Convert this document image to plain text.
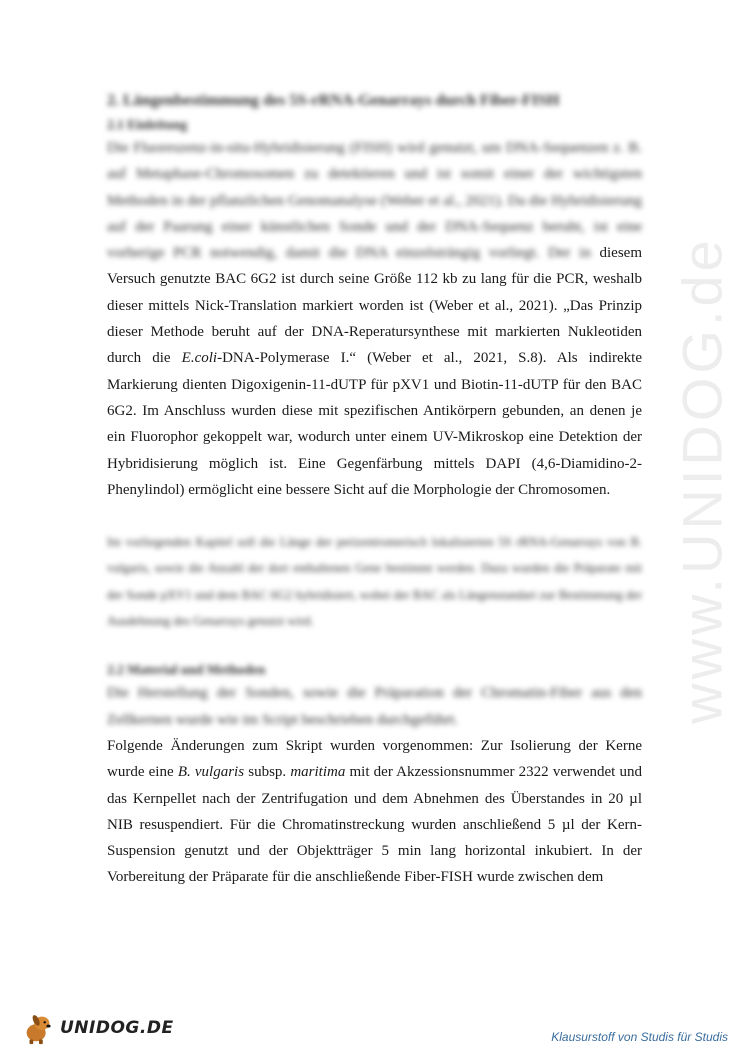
www.UNIDOG.de
2. Längenbestimmung des 5S-rRNA-Genarrays durch Fiber-FISH
2.1 Einleitung

Die Fluoreszenz-in-situ-Hybridisierung (FISH) wird genutzt, um DNA-Sequenzen z. B. auf Metaphase-Chromosomen zu detektieren und ist somit einer der wichtigsten Methoden in der pflanzlichen Genomanalyse (Weber et al., 2021). Da die Hybridisierung auf der Paarung einer künstlichen Sonde und der DNA-Sequenz beruht, ist eine vorherige PCR notwendig, damit die DNA einzelsträngig vorliegt. Der in diesem Versuch genutzte BAC 6G2 ist durch seine Größe 112 kb zu lang für die PCR, weshalb dieser mittels Nick-Translation markiert worden ist (Weber et al., 2021). „Das Prinzip dieser Methode beruht auf der DNA-Reperatursynthese mit markierten Nukleotiden durch die E.coli-DNA-Polymerase I.“ (Weber et al., 2021, S.8). Als indirekte Markierung dienten Digoxigenin-11-dUTP für pXV1 und Biotin-11-dUTP für den BAC 6G2. Im Anschluss wurden diese mit spezifischen Antikörpern gebunden, an denen je ein Fluorophor gekoppelt war, wodurch unter einem UV-Mikroskop eine Detektion der Hybridisierung möglich ist. Eine Gegenfärbung mittels DAPI (4,6-Diamidino-2-Phenylindol) ermöglicht eine bessere Sicht auf die Morphologie der Chromosomen.

Im vorliegenden Kapitel soll die Länge der perizentromerisch lokalisierten 5S rRNA-Genarrays von B. vulgaris, sowie die Anzahl der dort enthaltenen Gene bestimmt werden. Dazu wurden die Präparate mit der Sonde pXV1 und dem BAC 6G2 hybridisiert, wobei der BAC als Längenstandart zur Bestimmung der Ausdehnung des Genarrays genutzt wird.

2.2 Material und Methoden

Die Herstellung der Sonden, sowie die Präparation der Chromatin-Fiber aus den Zellkernen wurde wie im Script beschrieben durchgeführt.
Folgende Änderungen zum Skript wurden vorgenommen: Zur Isolierung der Kerne wurde eine B. vulgaris subsp. maritima mit der Akzessionsnummer 2322 verwendet und das Kernpellet nach der Zentrifugation und dem Abnehmen des Überstandes in 20 µl NIB resuspendiert. Für die Chromatinstreckung wurden anschließend 5 µl der Kern-Suspension genutzt und der Objektträger 5 min lang horizontal inkubiert. In der Vorbereitung der Präparate für die anschließende Fiber-FISH wurde zwischen dem

UNIDOG.DE	Klausurstoff von Studis für Studis
